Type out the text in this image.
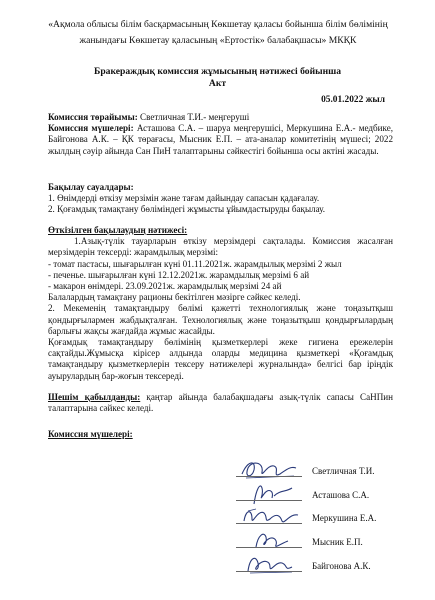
«Ақмола облысы білім басқармасының Көкшетау қаласы бойынша білім бөлімінің жанындағы Көкшетау қаласының «Ертостік» балабақшасы» МКҚК
Бракераждық комиссия жұмысының нәтижесі бойынша
Акт
05.01.2022 жыл

Комиссия төрайымы: Светличная Т.И.- меңгеруші

Комиссия мүшелері: Асташова С.А. – шаруа меңгерушісі, Меркушина Е.А.- медбике, Байгонова А.К. – ҚК төрағасы, Мысник Е.П. – ата-аналар комитетінің мүшесі; 2022 жылдың сәуір айында Сан ПиН талаптарыны сәйкестігі бойынша осы актіні жасады.

Бақылау сауалдары:

1. Өнімдерді өткізу мерзімін және тағам дайындау сапасын қадағалау.

2. Қоғамдық тамақтану бөліміндегі жұмысты ұйымдастыруды бақылау.

Өткізілген бақылаудың нәтижесі:

1.Азық-түлік тауарларын өткізу мерзімдері сақталады. Комиссия жасалған мерзімдерін тексерді: жарамдылық мерзімі:

- томат пастасы, шығарылған күні 01.11.2021ж. жарамдылық мерзімі 2 жыл

- печенье. шығарылған күні 12.12.2021ж. жарамдылық мерзімі 6 ай

- макарон өнімдері. 23.09.2021ж. жарамдылық мерзімі 24 ай

Балалардың тамақтану рационы бекітілген мәзірге сәйкес келеді.

2. Мекеменің тамақтандыру бөлімі қажетті технологиялық және тоңазытқыш қондырғылармен жабдықталған. Технологиялық және тоңазытқыш қондырғылардың барлығы жақсы жағдайда жұмыс жасайды.

Қоғамдық тамақтандыру бөлімінің қызметкерлері жеке гигиена ережелерін сақтайды.Жұмысқа кірісер алдында оларды медицина қызметкері «Қоғамдық тамақтандыру қызметкерлерін тексеру нәтижелері журналында» белгісі бар іріңдік ауырулардың бар-жоғын тексереді.

Шешім қабылданды: қаңтар айында балабақшадағы азық-түлік сапасы СаНПин талаптарына сәйкес келеді.

Комиссия мүшелері:
Светличная Т.И.
Асташова С.А.
Меркушина Е.А.
Мысник Е.П.
Байгонова А.К.
